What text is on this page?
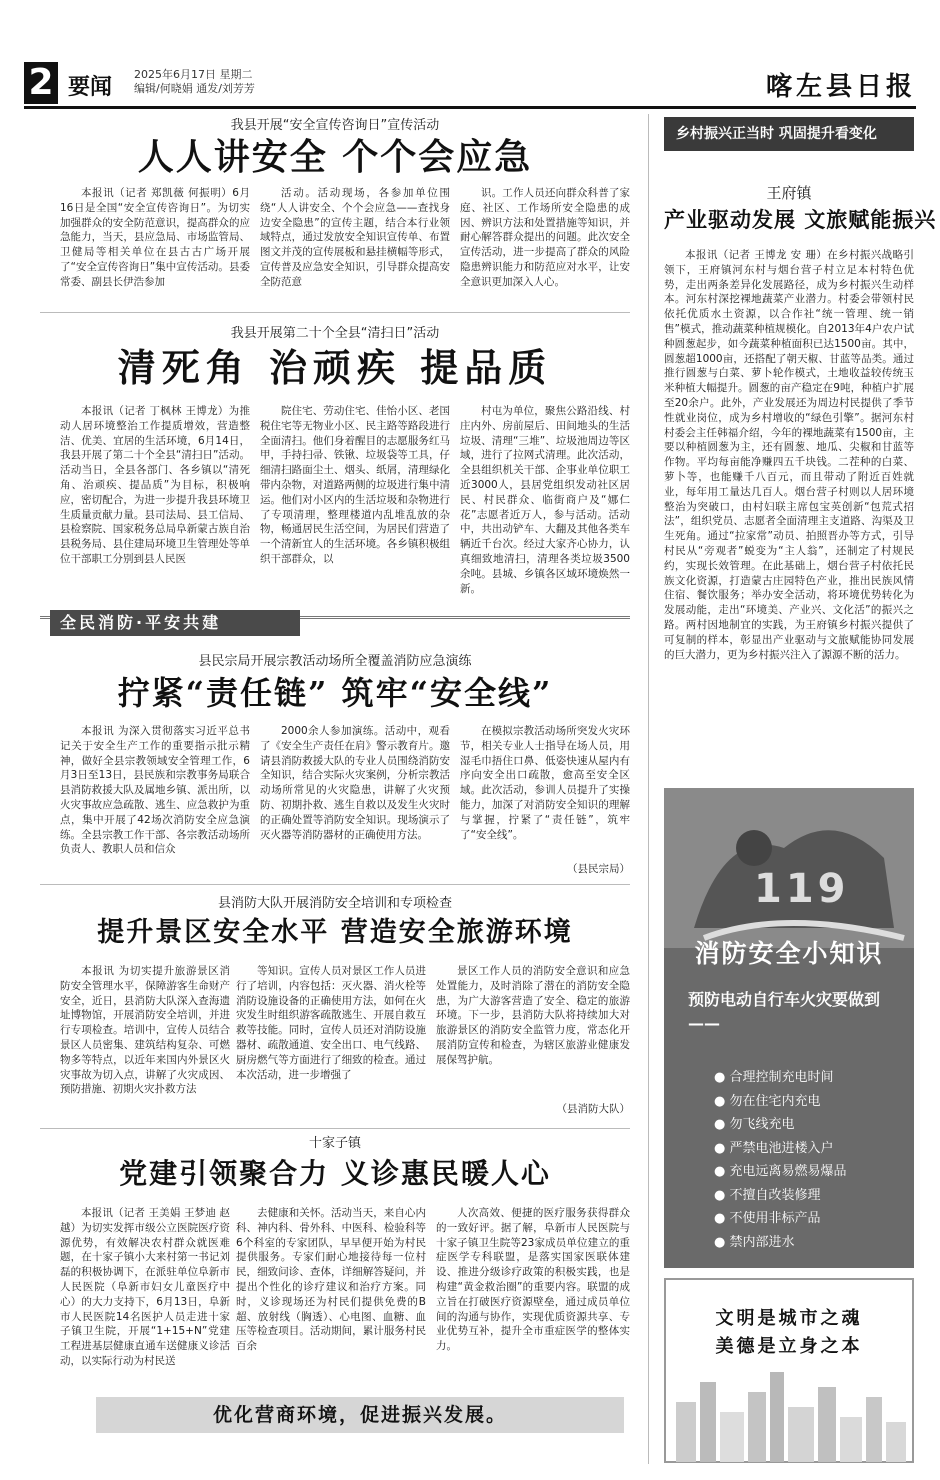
2 要闻
2025年6月17日 星期二
编辑/何晓娟 通发/刘芳芳	喀左县日报
我县开展“安全宣传咨询日”宣传活动
人人讲安全 个个会应急

本报讯（记者 郑凯薇 何振明）6月16日是全国“安全宣传咨询日”。为切实加强群众的安全防范意识，提高群众的应急能力，当天，县应急局、市场监管局、卫健局等相关单位在县古古广场开展了“安全宣传咨询日”集中宣传活动。县委常委、副县长伊浩参加

活动。活动现场，各参加单位围绕“人人讲安全、个个会应急——查找身边安全隐患”的宣传主题，结合本行业领域特点，通过发放安全知识宣传单、布置图文并茂的宣传展板和悬挂横幅等形式，宣传普及应急安全知识，引导群众提高安全防范意

识。工作人员还向群众科普了家庭、社区、工作场所安全隐患的成因、辨识方法和处置措施等知识，并耐心解答群众提出的问题。此次安全宣传活动，进一步提高了群众的风险隐患辨识能力和防范应对水平，让安全意识更加深入人心。

我县开展第二十个全县“清扫日”活动
清死角 治顽疾 提品质

本报讯（记者 丁枫林 王博龙）为推动人居环境整治工作提质增效，营造整洁、优美、宜居的生活环境，6月14日，我县开展了第二十个全县“清扫日”活动。活动当日，全县各部门、各乡镇以“清死角、治顽疾、提品质”为目标，积极响应，密切配合，为进一步提升我县环境卫生质量贡献力量。县司法局、县工信局、县检察院、国家税务总局阜新蒙古族自治县税务局、县住建局环境卫生管理处等单位干部职工分别到县人民医

院住宅、劳动住宅、佳怡小区、老国税住宅等无物业小区、民主路等路段进行全面清扫。他们身着醒目的志愿服务红马甲，手持扫帚、铁锹、垃圾袋等工具，仔细清扫路面尘土、烟头、纸屑，清理绿化带内杂物，对道路两侧的垃圾进行集中清运。他们对小区内的生活垃圾和杂物进行了专项清理，整理楼道内乱堆乱放的杂物，畅通居民生活空间，为居民们营造了一个清新宜人的生活环境。各乡镇积极组织干部群众，以

村屯为单位，聚焦公路沿线、村庄内外、房前屋后、田间地头的生活垃圾、清理“三堆”、垃圾池周边等区域，进行了拉网式清理。此次活动，全县组织机关干部、企事业单位职工近3000人，县居党组织发动社区居民、村民群众、临街商户及“娜仁花”志愿者近万人，参与活动。活动中，共出动铲车、大翻及其他各类车辆近千台次。经过大家齐心协力，认真细致地清扫，清理各类垃圾3500余吨。县城、乡镇各区域环境焕然一新。

全民消防·平安共建
县民宗局开展宗教活动场所全覆盖消防应急演练
拧紧“责任链” 筑牢“安全线”

本报讯 为深入贯彻落实习近平总书记关于安全生产工作的重要指示批示精神，做好全县宗教领域安全管理工作，6月3日至13日，县民族和宗教事务局联合县消防救援大队及属地乡镇、派出所，以火灾事故应急疏散、逃生、应急救护为重点，集中开展了42场次消防安全应急演练。全县宗教工作干部、各宗教活动场所负责人、教职人员和信众

2000余人参加演练。活动中，观看了《安全生产责任在肩》警示教育片。邀请县消防救援大队的专业人员围绕消防安全知识，结合实际火灾案例，分析宗教活动场所常见的火灾隐患，讲解了火灾预防、初期扑救、逃生自救以及发生火灾时的正确处置等消防安全知识。现场演示了灭火器等消防器材的正确使用方法。

在模拟宗教活动场所突发火灾环节，相关专业人士指导在场人员，用湿毛巾捂住口鼻、低姿快速从屋内有序向安全出口疏散，愈高至安全区域。此次活动，参训人员提升了实操能力，加深了对消防安全知识的理解与掌握，拧紧了“责任链”，筑牢了“安全线”。

（县民宗局）
县消防大队开展消防安全培训和专项检查
提升景区安全水平 营造安全旅游环境

本报讯 为切实提升旅游景区消防安全管理水平，保障游客生命财产安全，近日，县消防大队深入查海遗址博物馆，开展消防安全培训，并进行专项检查。培训中，宣传人员结合景区人员密集、建筑结构复杂、可燃物多等特点，以近年来国内外景区火灾事故为切入点，讲解了火灾成因、预防措施、初期火灾扑救方法

等知识。宣传人员对景区工作人员进行了培训，内容包括：灭火器、消火栓等消防设施设备的正确使用方法，如何在火灾发生时组织游客疏散逃生、开展自救互救等技能。同时，宣传人员还对消防设施器材、疏散通道、安全出口、电气线路、厨房燃气等方面进行了细致的检查。通过本次活动，进一步增强了

景区工作人员的消防安全意识和应急处置能力，及时消除了潜在的消防安全隐患，为广大游客营造了安全、稳定的旅游环境。下一步，县消防大队将持续加大对旅游景区的消防安全监管力度，常态化开展消防宣传和检查，为辖区旅游业健康发展保驾护航。

（县消防大队）
十家子镇
党建引领聚合力 义诊惠民暖人心

本报讯（记者 王美娟 王梦迪 赵 越）为切实发挥市级公立医院医疗资源优势，有效解决农村群众就医难题，在十家子镇小大来村第一书记刘磊的积极协调下，在派驻单位阜新市人民医院（阜新市妇女儿童医疗中心）的大力支持下，6月13日，阜新市人民医院14名医护人员走进十家子镇卫生院，开展“1+15+N”党建工程进基层健康直通车送健康义诊活动，以实际行动为村民送

去健康和关怀。活动当天，来自心内科、神内科、骨外科、中医科、检验科等6个科室的专家团队，早早便开始为村民提供服务。专家们耐心地接待每一位村民，细致问诊、查体，详细解答疑问，并提出个性化的诊疗建议和治疗方案。同时，义诊现场还为村民们提供免费的B超、放射线（胸透）、心电图、血糖、血压等检查项目。活动期间，累计服务村民百余

人次高效、便捷的医疗服务获得群众的一致好评。据了解，阜新市人民医院与十家子镇卫生院等23家成员单位建立的重症医学专科联盟，是落实国家医联体建设、推进分级诊疗政策的积极实践，也是构建“黄金救治圈”的重要内容。联盟的成立旨在打破医疗资源壁垒，通过成员单位间的沟通与协作，实现优质资源共享、专业优势互补，提升全市重症医学的整体实力。

优化营商环境，促进振兴发展。
乡村振兴正当时 巩固提升看变化
王府镇
产业驱动发展 文旅赋能振兴

本报讯（记者 王博龙 安 珊）在乡村振兴战略引领下，王府镇河东村与烟台营子村立足本村特色优势，走出两条差异化发展路径，成为乡村振兴生动样本。河东村深挖裸地蔬菜产业潜力。村委会带领村民依托优质水土资源，以合作社“统一管理、统一销售”模式，推动蔬菜种植规模化。自2013年4户农户试种圆葱起步，如今蔬菜种植面积已达1500亩。其中，圆葱超1000亩，还搭配了朝天椒、甘蓝等品类。通过推行圆葱与白菜、萝卜轮作模式，土地收益较传统玉米种植大幅提升。圆葱的亩产稳定在9吨，种植户扩展至20余户。此外，产业发展还为周边村民提供了季节性就业岗位，成为乡村增收的“绿色引擎”。据河东村村委会主任韩福介绍，今年的裸地蔬菜有1500亩，主要以种植圆葱为主，还有圆葱、地瓜、尖椒和甘蓝等作物。平均每亩能净赚四五千块钱。二茬种的白菜、萝卜等，也能赚千八百元，而且带动了附近百姓就业，每年用工量达几百人。烟台营子村则以人居环境整治为突破口，由村妇联主席包宝英创新“包荒式招法”，组织党员、志愿者全面清理主支道路、沟渠及卫生死角。通过“拉家常”动员、拍照晋办等方式，引导村民从“旁观者”蜕变为“主人翁”，还制定了村规民约，实现长效管理。在此基础上，烟台营子村依托民族文化资源，打造蒙古庄园特色产业，推出民族风情住宿、餐饮服务；举办安全活动，将环境优势转化为发展动能，走出“环境美、产业兴、文化活”的振兴之路。两村因地制宜的实践，为王府镇乡村振兴提供了可复制的样本，彰显出产业驱动与文旅赋能协同发展的巨大潜力，更为乡村振兴注入了源源不断的活力。

119
消防安全小知识
预防电动自行车火灾要做到——
● 合理控制充电时间
● 勿在住宅内充电
● 勿飞线充电
● 严禁电池进楼入户
● 充电远离易燃易爆品
● 不擅自改装修理
● 不使用非标产品
● 禁内部进水
文明是城市之魂
美德是立身之本
